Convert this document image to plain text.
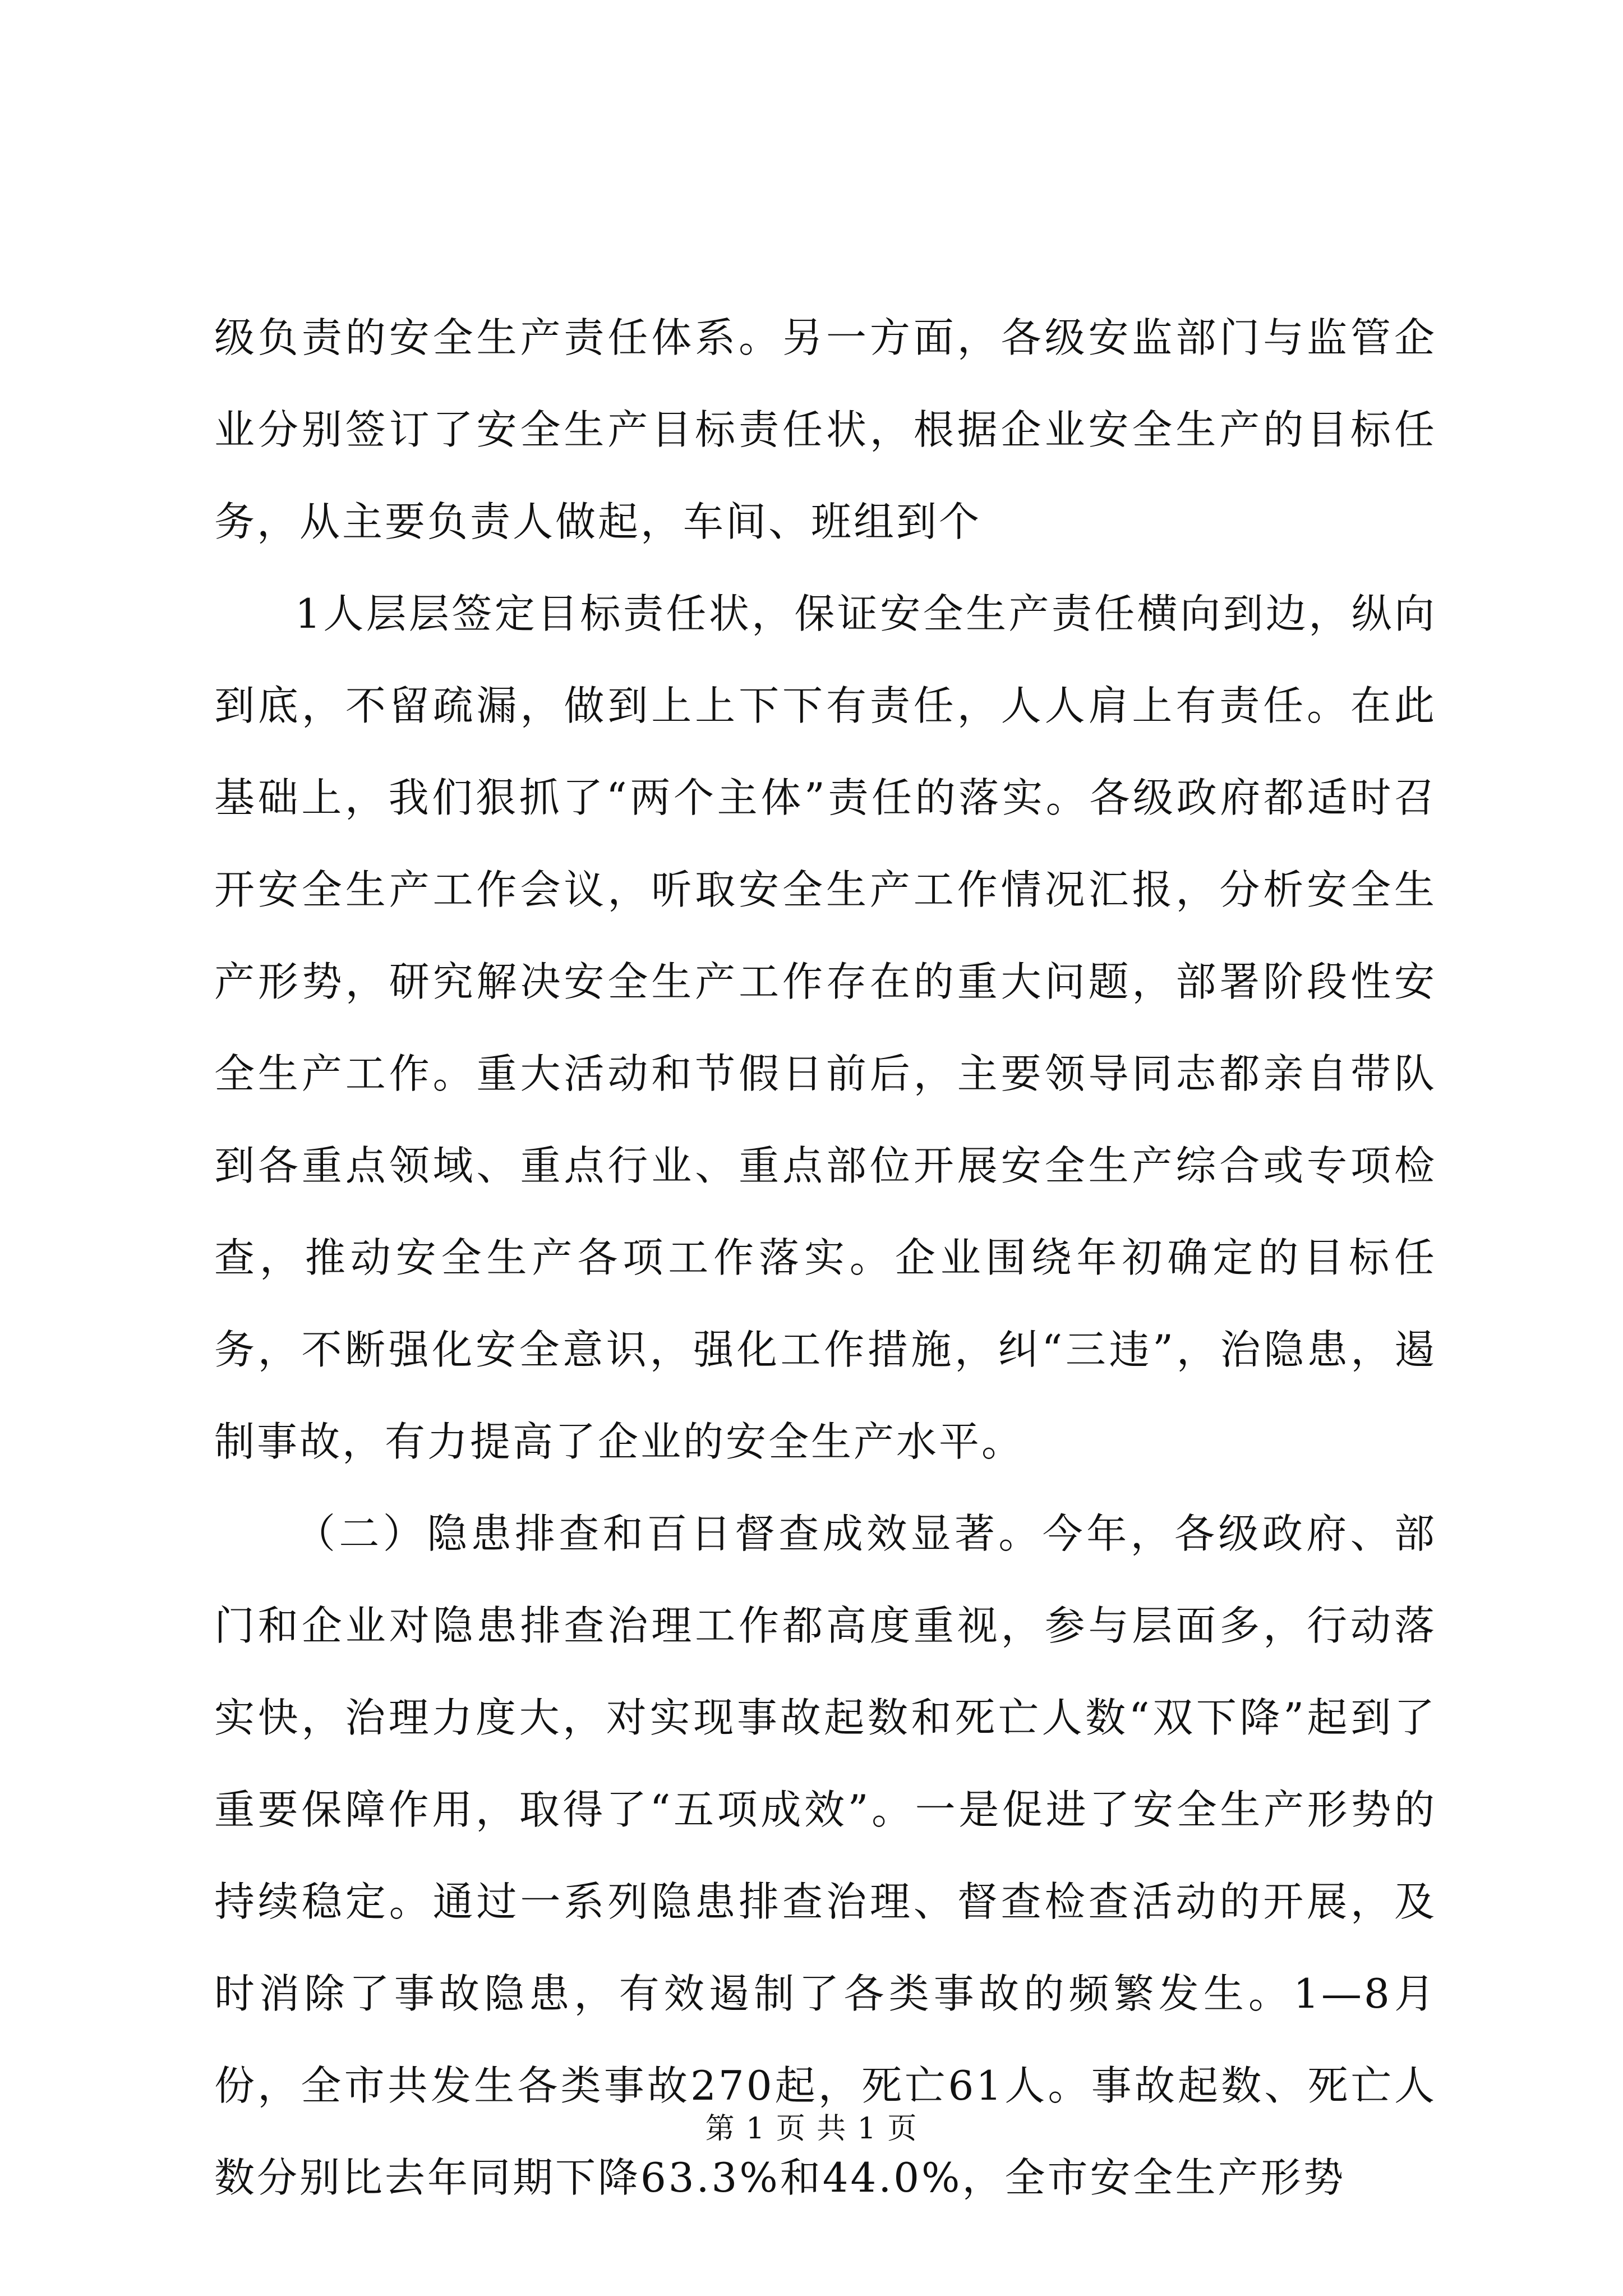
级负责的安全生产责任体系。另一方面，各级安监部门与监管企业分别签订了安全生产目标责任状，根据企业安全生产的目标任务，从主要负责人做起，车间、班组到个

1人层层签定目标责任状，保证安全生产责任横向到边，纵向到底，不留疏漏，做到上上下下有责任，人人肩上有责任。在此基础上，我们狠抓了“两个主体”责任的落实。各级政府都适时召开安全生产工作会议，听取安全生产工作情况汇报，分析安全生产形势，研究解决安全生产工作存在的重大问题，部署阶段性安全生产工作。重大活动和节假日前后，主要领导同志都亲自带队到各重点领域、重点行业、重点部位开展安全生产综合或专项检查，推动安全生产各项工作落实。企业围绕年初确定的目标任务，不断强化安全意识，强化工作措施，纠“三违”，治隐患，遏制事故，有力提高了企业的安全生产水平。

（二）隐患排查和百日督查成效显著。今年，各级政府、部门和企业对隐患排查治理工作都高度重视，参与层面多，行动落实快，治理力度大，对实现事故起数和死亡人数“双下降”起到了重要保障作用，取得了“五项成效”。一是促进了安全生产形势的持续稳定。通过一系列隐患排查治理、督查检查活动的开展，及时消除了事故隐患，有效遏制了各类事故的频繁发生。1—8月份，全市共发生各类事故270起，死亡61人。事故起数、死亡人数分别比去年同期下降63.3%和44.0%，全市安全生产形势

第 1 页 共 1 页
